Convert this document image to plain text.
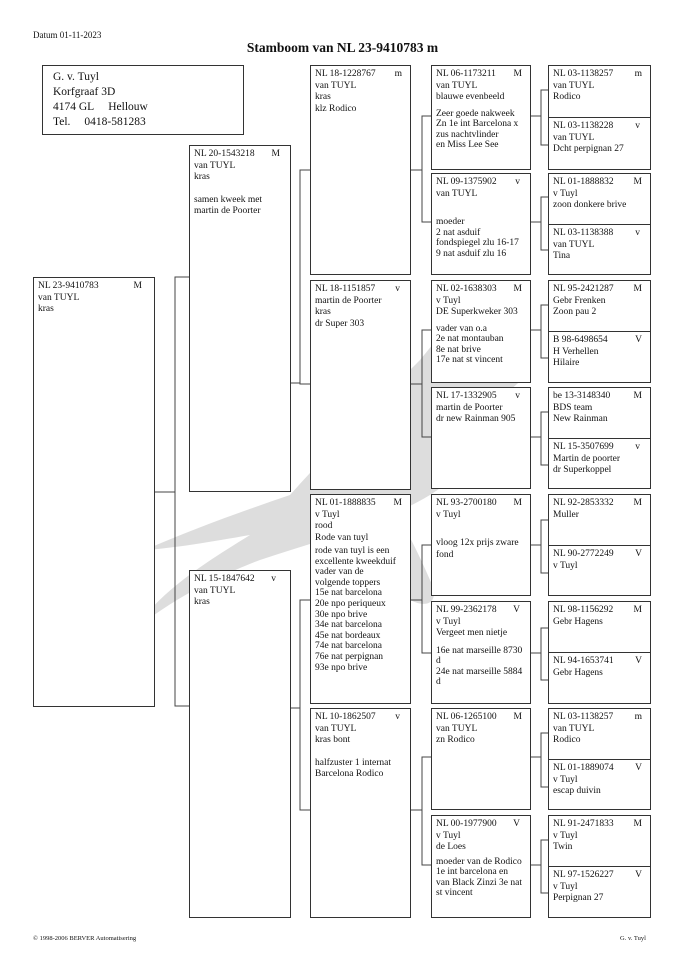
Datum 01-11-2023
Stamboom van NL 23-9410783 m
G. v. Tuyl
Korfgraaf 3D
4174 GL Hellouw
Tel. 0418-581283
NL 23-9410783	M
van TUYL
kras
NL 20-1543218 M
van TUYL
kras
samen kweek met
martin de Poorter
NL 15-1847642 v
van TUYL
kras
NL 18-1228767 m
van TUYL
kras
klz Rodico
NL 18-1151857 v
martin de Poorter
kras
dr Super 303
NL 01-1888835 M
v Tuyl
rood
Rode van tuyl
rode van tuyl is een
excellente kweekduif
vader van de
volgende toppers
15e nat barcelona
20e npo periqueux
30e npo brive
34e nat barcelona
45e nat bordeaux
74e nat barcelona
76e nat perpignan
93e npo brive
NL 10-1862507 v
van TUYL
kras bont
halfzuster 1 internat
Barcelona Rodico
NL 06-1173211 M
van TUYL
blauwe evenbeeld
Zeer goede nakweek
Zn 1e int Barcelona x
zus nachtvlinder
en Miss Lee See
NL 09-1375902 v
van TUYL
moeder
2 nat asduif
fondspiegel zlu 16-17
9 nat asduif zlu 16
NL 02-1638303 M
v Tuyl
DE Superkweker 303
vader van o.a
2e nat montauban
8e nat brive
17e nat st vincent
NL 17-1332905 v
martin de Poorter
dr new Rainman 905
NL 93-2700180 M
v Tuyl
vloog 12x prijs zware
fond
NL 99-2362178 V
v Tuyl
Vergeet men nietje
16e nat marseille 8730
d
24e nat marseille 5884
d
NL 06-1265100 M
van TUYL
zn Rodico
NL 00-1977900 V
v Tuyl
de Loes
moeder van de Rodico
1e int barcelona en
van Black Zinzi 3e nat
st vincent
NL 03-1138257 m
van TUYL
Rodico
NL 03-1138228 v
van TUYL
Dcht perpignan 27
NL 01-1888832 M
v Tuyl
zoon donkere brive
NL 03-1138388 v
van TUYL
Tina
NL 95-2421287 M
Gebr Frenken
Zoon pau 2
B 98-6498654	V
H Verhellen
Hilaire
be 13-3148340 M
BDS team
New Rainman
NL 15-3507699 v
Martin de poorter
dr Superkoppel
NL 92-2853332 M
Muller
NL 90-2772249 V
v Tuyl
NL 98-1156292 M
Gebr Hagens
NL 94-1653741 V
Gebr Hagens
NL 03-1138257 m
van TUYL
Rodico
NL 01-1889074 V
v Tuyl
escap duivin
NL 91-2471833 M
v Tuyl
Twin
NL 97-1526227 V
v Tuyl
Perpignan 27
© 1998-2006 BERVER Automatisering	G. v. Tuyl
